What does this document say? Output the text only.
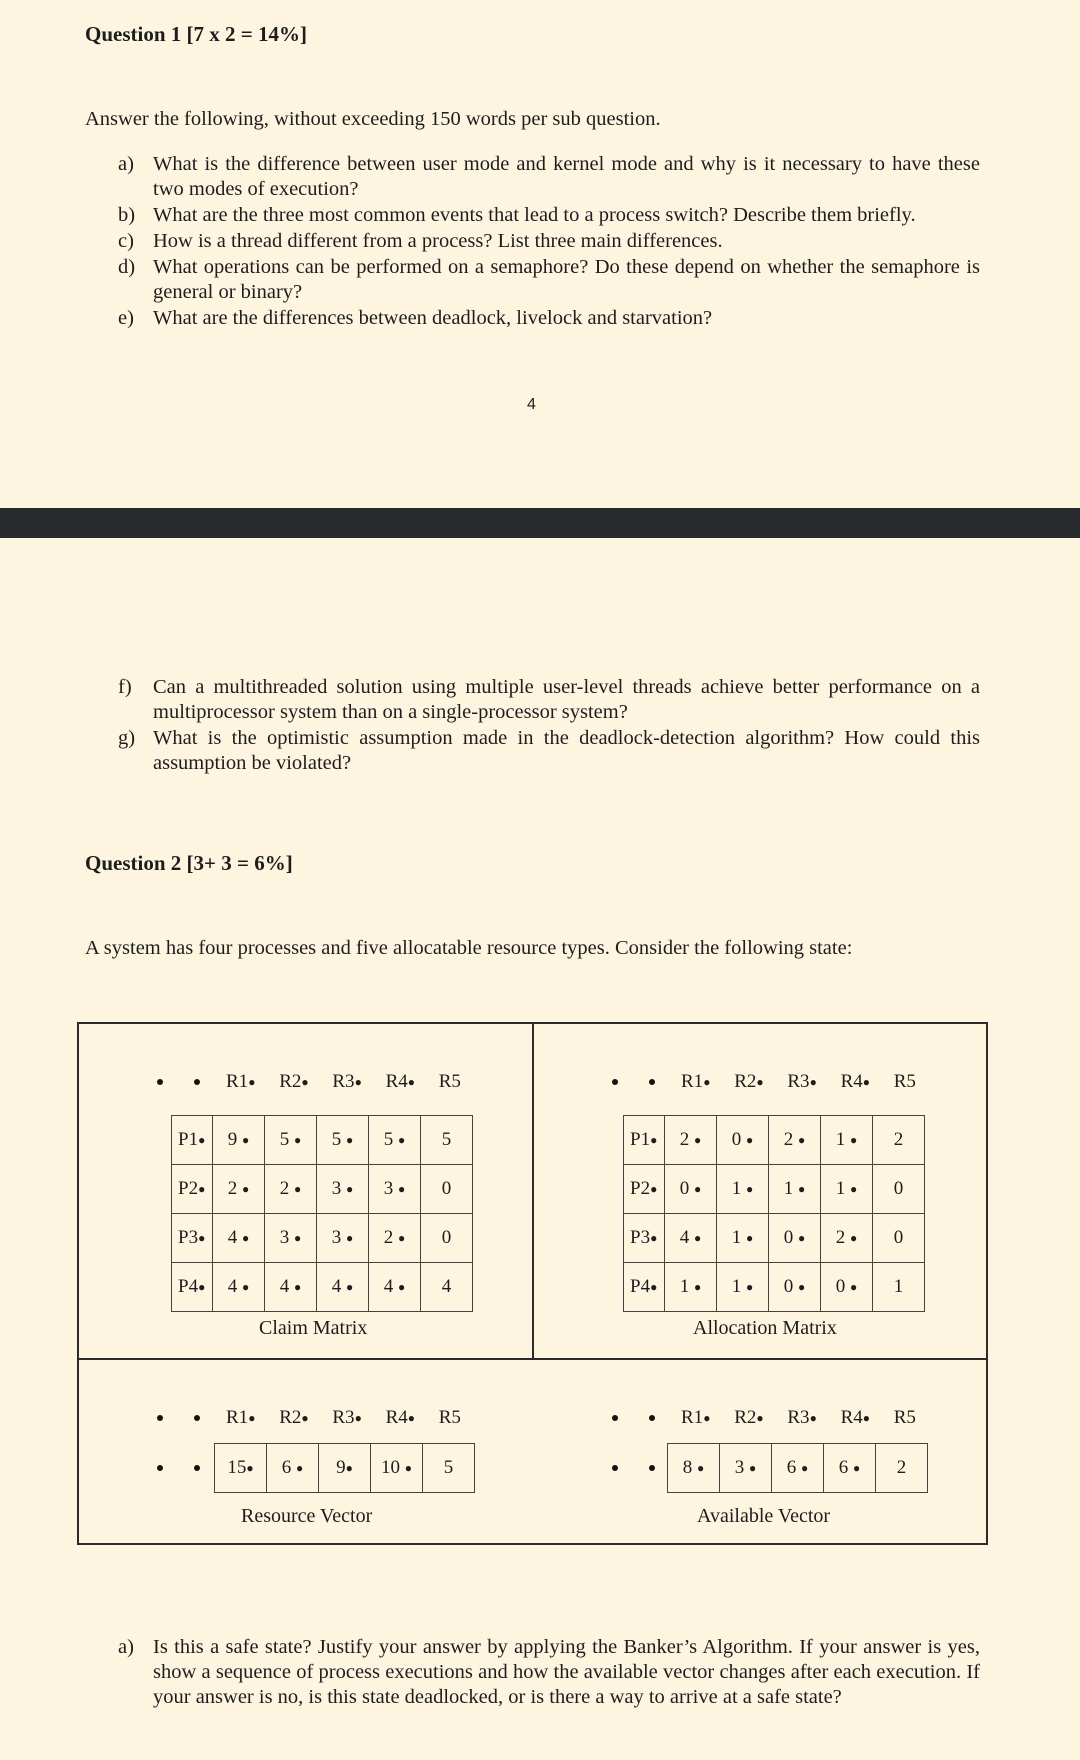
Question 1 [7 x 2 = 14%]
Answer the following, without exceeding 150 words per sub question.
a) What is the difference between user mode and kernel mode and why is it necessary to have these two modes of execution?
b) What are the three most common events that lead to a process switch? Describe them briefly.
c) How is a thread different from a process? List three main differences.
d) What operations can be performed on a semaphore? Do these depend on whether the semaphore is general or binary?
e) What are the differences between deadlock, livelock and starvation?
4
f)	Can a multithreaded solution using multiple user-level threads achieve better performance on a multiprocessor system than on a single-processor system?
g) What is the optimistic assumption made in the deadlock-detection algorithm? How could this assumption be violated?
Question 2 [3+ 3 = 6%]
A system has four processes and five allocatable resource types. Consider the following state:
R1● R2● R3● R4● R5
P1●	9 ●	5 ●	5 ●	5 ●	5
P2●	2 ●	2 ●	3 ●	3 ●	0
P3●	4 ●	3 ●	3 ●	2 ●	0
P4●	4 ●	4 ●	4 ●	4 ●	4
Claim Matrix
R1● R2● R3● R4● R5
P1●	2 ●	0 ●	2 ●	1 ●	2
P2●	0 ●	1 ●	1 ●	1 ●	0
P3●	4 ●	1 ●	0 ●	2 ●	0
P4●	1 ●	1 ●	0 ●	0 ●	1
Allocation Matrix
R1● R2● R3● R4● R5
15●	6 ●	9●	10 ●	5
Resource Vector
R1● R2● R3● R4● R5
8 ●	3 ●	6 ●	6 ●	2
Available Vector
a) Is this a safe state? Justify your answer by applying the Banker’s Algorithm. If your answer is yes, show a sequence of process executions and how the available vector changes after each execution. If your answer is no, is this state deadlocked, or is there a way to arrive at a safe state?
